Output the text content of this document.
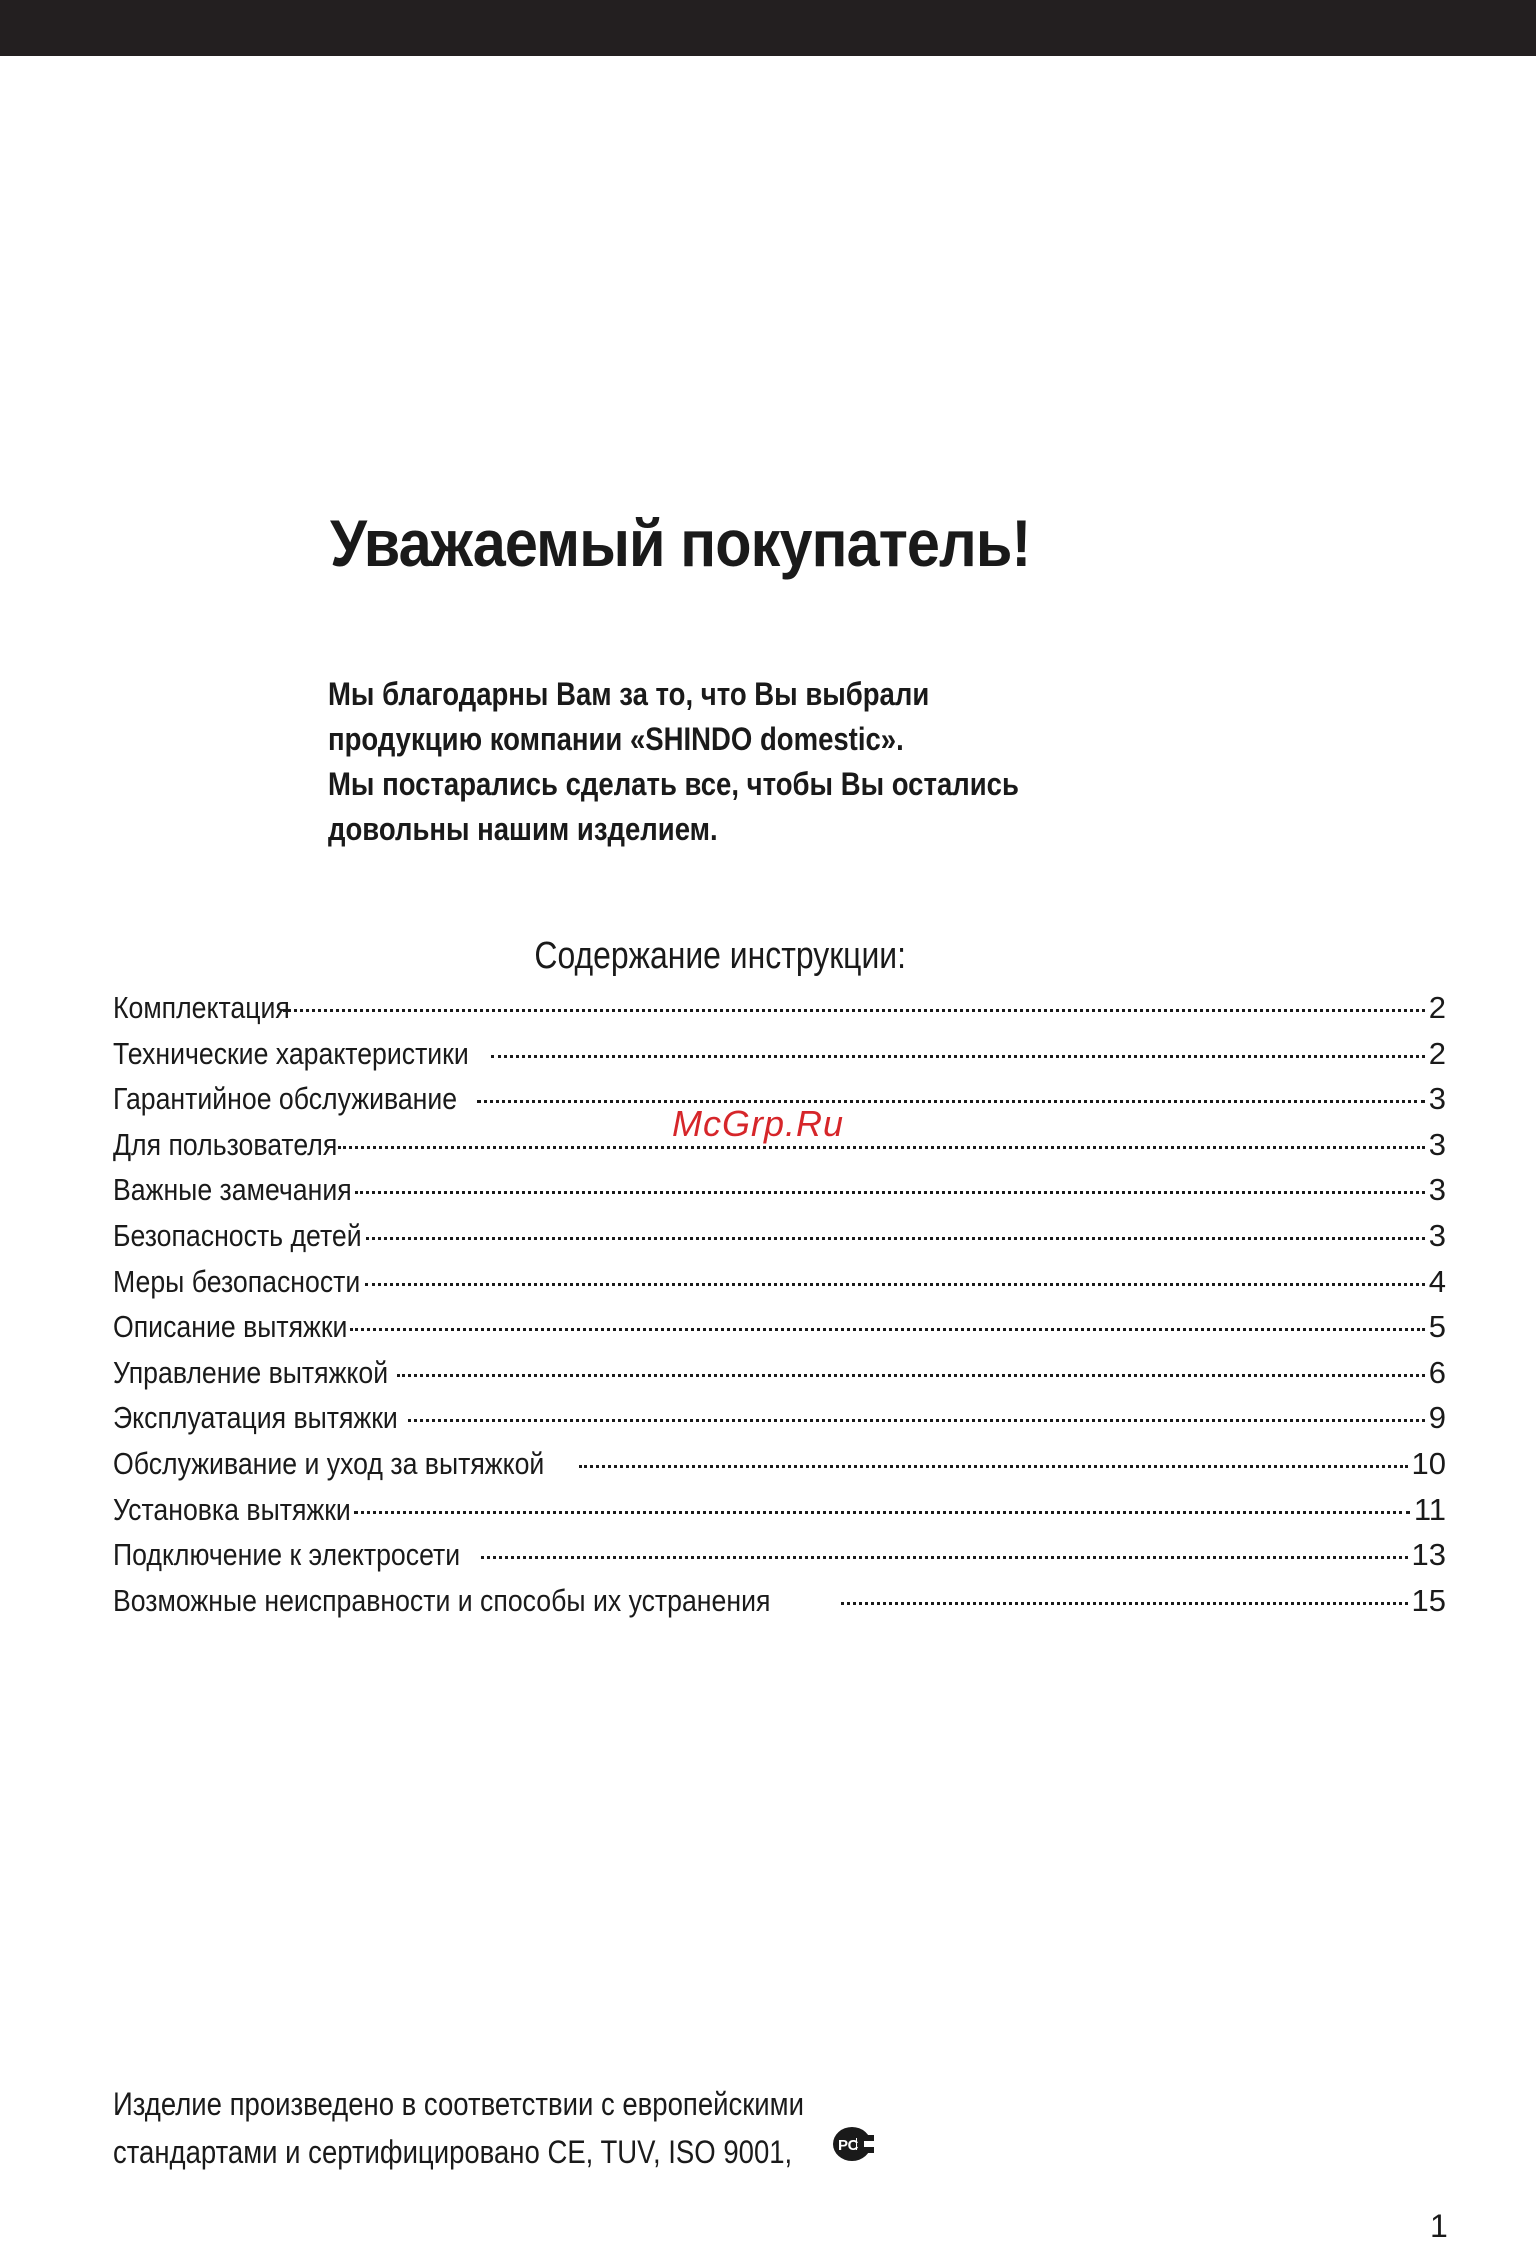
Уважаемый покупатель!

Мы благодарны Вам за то, что Вы выбрали
продукцию компании «SHINDO domestic».
Мы постарались сделать все, чтобы Вы остались
довольны нашим изделием.

Содержание инструкции:
Комплектация	2
Технические характеристики	2
Гарантийное обслуживание	3
Для пользователя	3
Важные замечания	3
Безопасность детей	3
Меры безопасности	4
Описание вытяжки	5
Управление вытяжкой	6
Эксплуатация вытяжки	9
Обслуживание и уход за вытяжкой	10
Установка вытяжки	11
Подключение к электросети	13
Возможные неисправности и способы их устранения	15
McGrp.Ru

Изделие произведено в соответствии с европейскими
стандартами и сертифицировано CE, TUV, ISO 9001,	РС
1
